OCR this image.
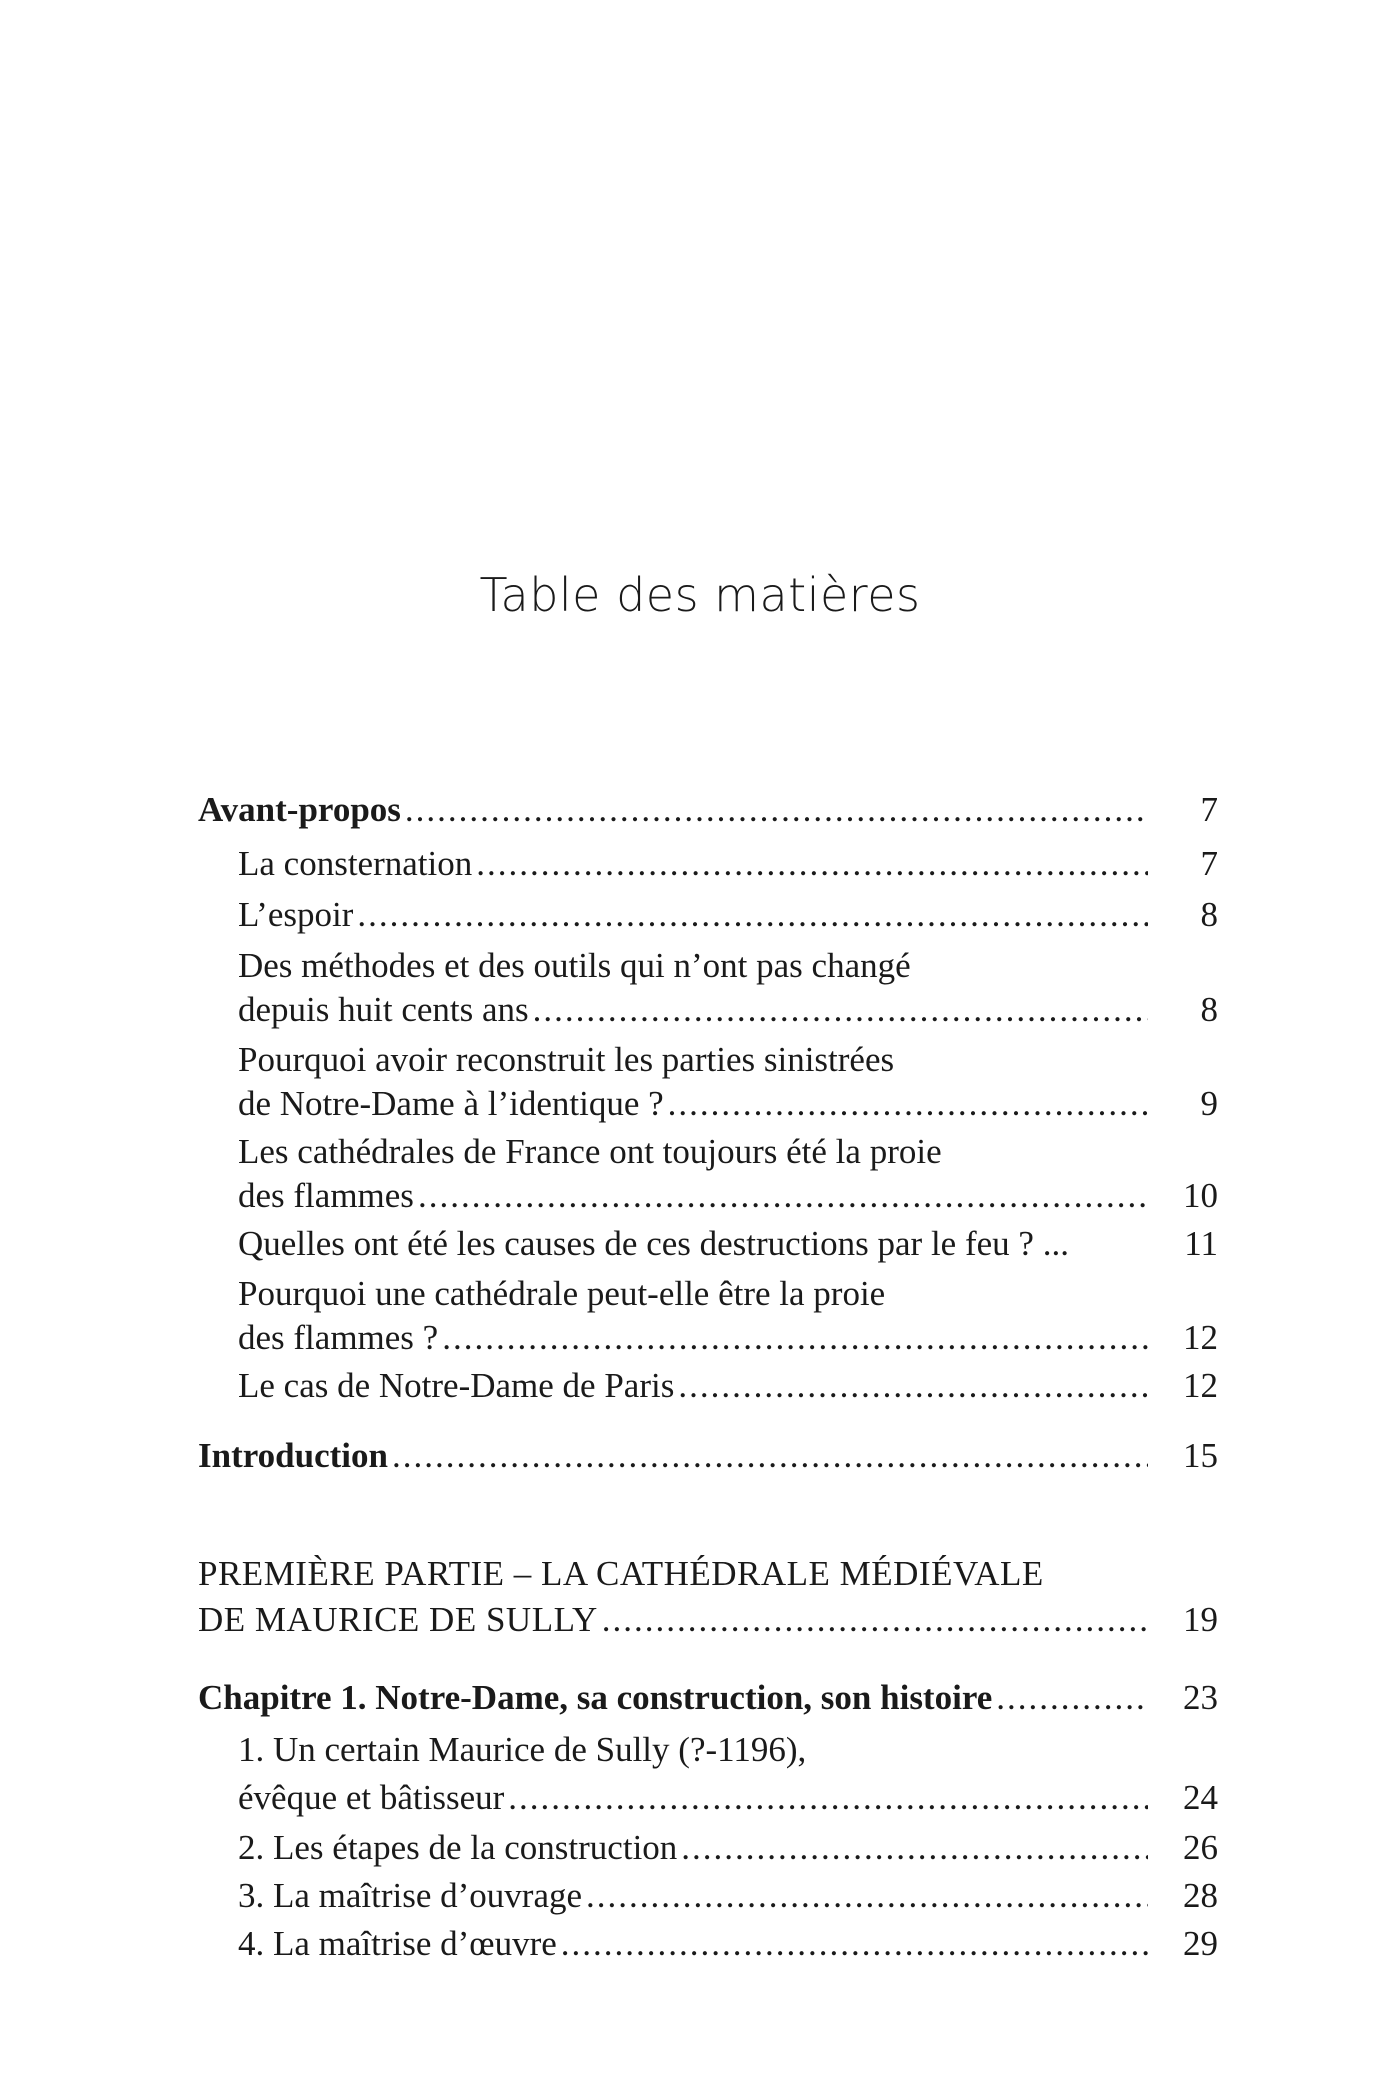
Table des matières
Avant-propos .....	7
La consternation .....	7
L’espoir .....	8
Des méthodes et des outils qui n’ont pas changé
depuis huit cents ans .....	8
Pourquoi avoir reconstruit les parties sinistrées
de Notre-Dame à l’identique ? .....	9
Les cathédrales de France ont toujours été la proie
des flammes .....	10
Quelles ont été les causes de ces destructions par le feu ? ...	11
Pourquoi une cathédrale peut-elle être la proie
des flammes ? .....	12
Le cas de Notre-Dame de Paris .....	12
Introduction .....	15
PREMIÈRE PARTIE – LA CATHÉDRALE MÉDIÉVALE
DE MAURICE DE SULLY .....	19
Chapitre 1. Notre-Dame, sa construction, son histoire .....	23
1. Un certain Maurice de Sully (?-1196),
évêque et bâtisseur .....	24
2. Les étapes de la construction .....	26
3. La maîtrise d’ouvrage .....	28
4. La maîtrise d’œuvre .....	29
